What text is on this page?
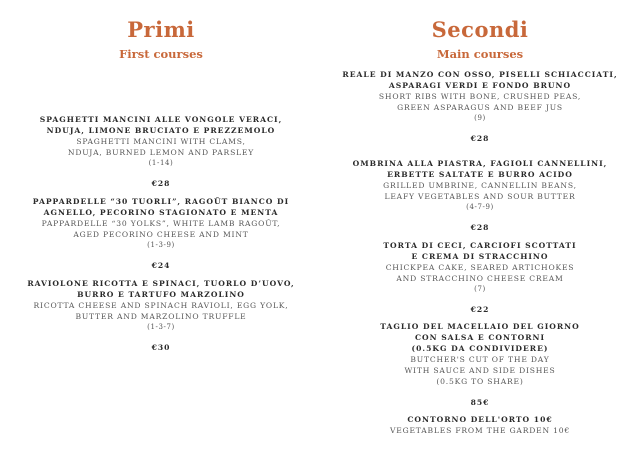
Primi
First courses
SPAGHETTI MANCINI ALLE VONGOLE VERACI,
NDUJA, LIMONE BRUCIATO E PREZZEMOLO
SPAGHETTI MANCINI WITH CLAMS,
NDUJA, BURNED LEMON AND PARSLEY
(1-14)
€28
PAPPARDELLE “30 TUORLI”, RAGOÛT BIANCO DI
AGNELLO, PECORINO STAGIONATO E MENTA
PAPPARDELLE “30 YOLKS”, WHITE LAMB RAGOÛT,
AGED PECORINO CHEESE AND MINT
(1-3-9)
€24
RAVIOLONE RICOTTA E SPINACI, TUORLO D’UOVO,
BURRO E TARTUFO MARZOLINO
RICOTTA CHEESE AND SPINACH RAVIOLI, EGG YOLK,
BUTTER AND MARZOLINO TRUFFLE
(1-3-7)
€30
Secondi
Main courses
REALE DI MANZO CON OSSO, PISELLI SCHIACCIATI,
ASPARAGI VERDI E FONDO BRUNO
SHORT RIBS WITH BONE, CRUSHED PEAS,
GREEN ASPARAGUS AND BEEF JUS
(9)
€28
OMBRINA ALLA PIASTRA, FAGIOLI CANNELLINI,
ERBETTE SALTATE E BURRO ACIDO
GRILLED UMBRINE, CANNELLIN BEANS,
LEAFY VEGETABLES AND SOUR BUTTER
(4-7-9)
€28
TORTA DI CECI, CARCIOFI SCOTTATI
E CREMA DI STRACCHINO
CHICKPEA CAKE, SEARED ARTICHOKES
AND STRACCHINO CHEESE CREAM
(7)
€22
TAGLIO DEL MACELLAIO DEL GIORNO
CON SALSA E CONTORNI
(0.5KG DA CONDIVIDERE)
BUTCHER'S CUT OF THE DAY
WITH SAUCE AND SIDE DISHES
(0.5KG TO SHARE)
85€
CONTORNO DELL'ORTO 10€
VEGETABLES FROM THE GARDEN 10€
